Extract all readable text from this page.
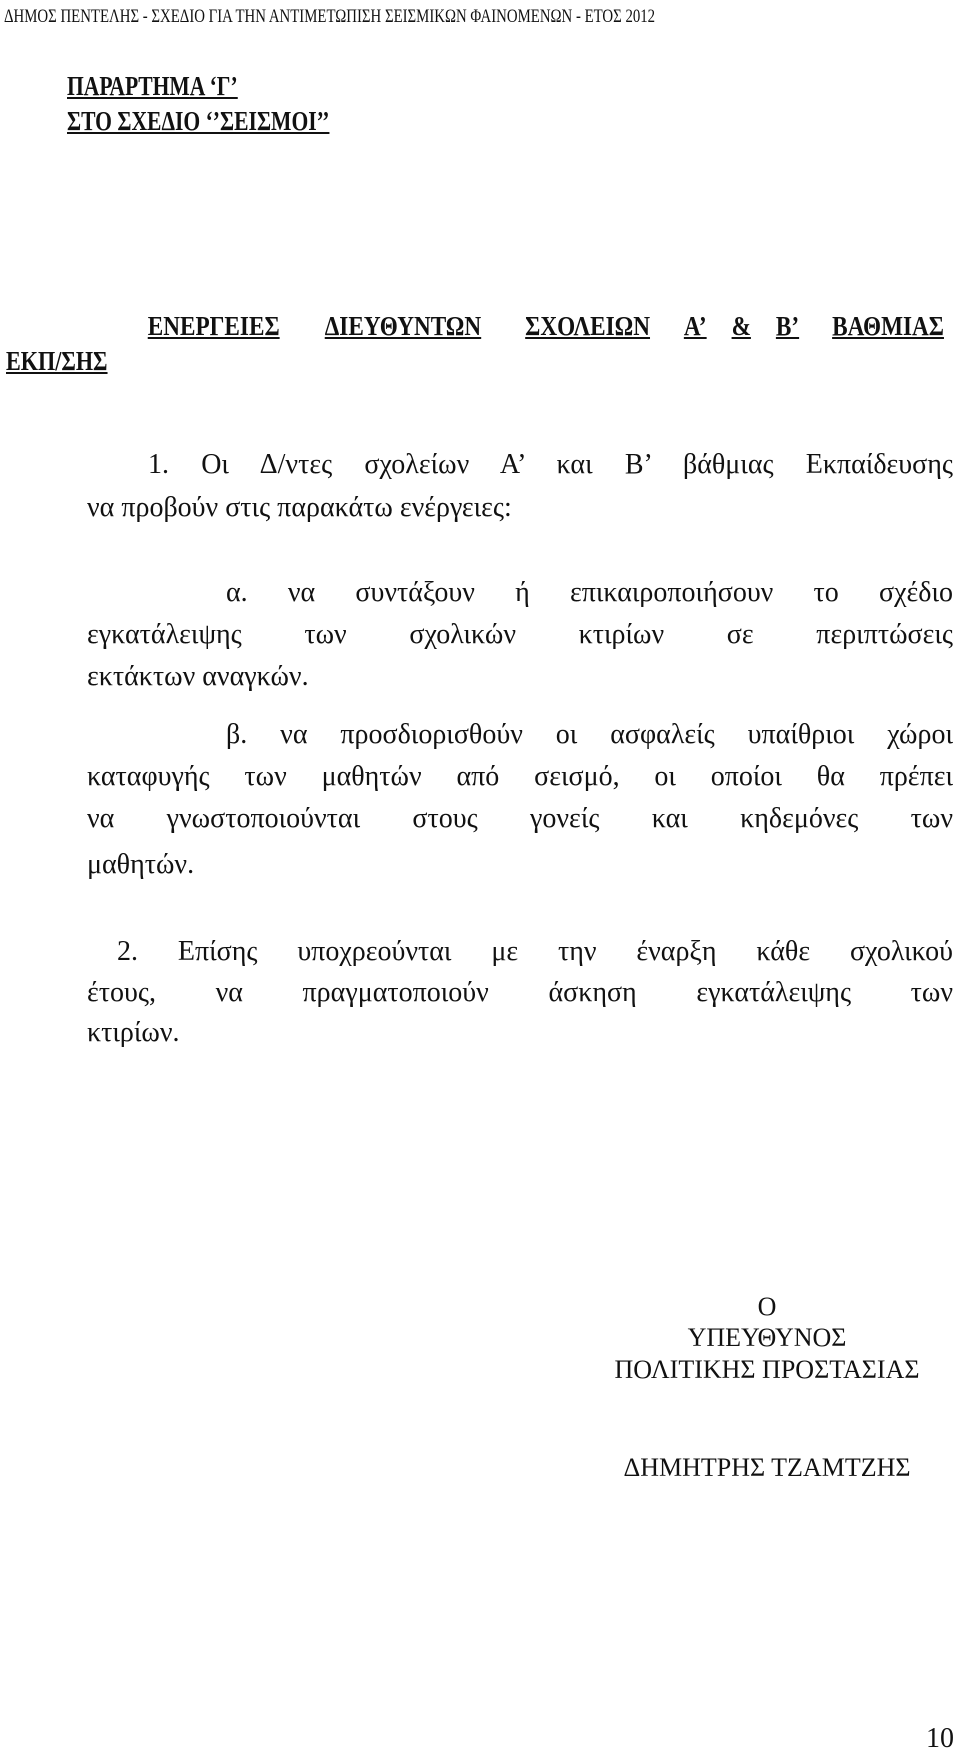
ΔΗΜΟΣ ΠΕΝΤΕΛΗΣ - ΣΧΕΔΙΟ ΓΙΑ ΤΗΝ ΑΝΤΙΜΕΤΩΠΙΣΗ ΣΕΙΣΜΙΚΩΝ ΦΑΙΝΟΜΕΝΩΝ - ΕΤΟΣ 2012
ΠΑΡΑΡΤΗΜΑ ‘Γ’
ΣΤΟ ΣΧΕΔΙΟ ‘’ΣΕΙΣΜΟΙ’’
ΕΝΕΡΓΕΙΕΣ ΔΙΕΥΘΥΝΤΩΝ ΣΧΟΛΕΙΩΝ Α’ & Β’ ΒΑΘΜΙΑΣ
ΕΚΠ/ΣΗΣ
1. Οι Δ/ντες σχολείων Α’ και Β’ βάθμιας Εκπαίδευσης
να προβούν στις παρακάτω ενέργειες:
α. να συντάξουν ή επικαιροποιήσουν το σχέδιο
εγκατάλειψης των σχολικών κτιρίων σε περιπτώσεις
εκτάκτων αναγκών.
β. να προσδιορισθούν οι ασφαλείς υπαίθριοι χώροι
καταφυγής των μαθητών από σεισμό, οι οποίοι θα πρέπει
να γνωστοποιούνται στους γονείς και κηδεμόνες των
μαθητών.
2. Επίσης υποχρεούνται με την έναρξη κάθε σχολικού
έτους, να πραγματοποιούν άσκηση εγκατάλειψης των
κτιρίων.
Ο
ΥΠΕΥΘΥΝΟΣ
ΠΟΛΙΤΙΚΗΣ ΠΡΟΣΤΑΣΙΑΣ
ΔΗΜΗΤΡΗΣ ΤΖΑΜΤΖΗΣ
10
